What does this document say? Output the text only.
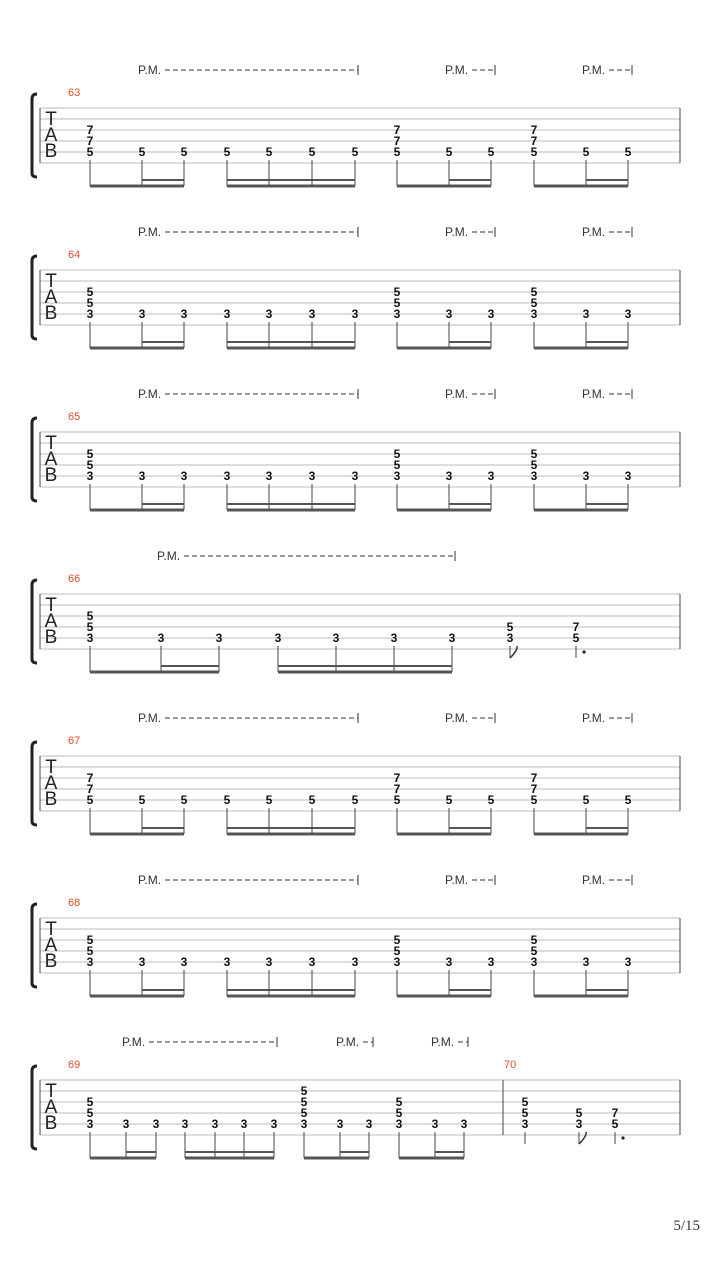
T
A
B
63
P.M.	P.M.	P.M.
7
7
5	5	5	5	5	5	5
7
7
5	5	5
7
7
5	5	5
T
A
B
64
P.M.	P.M.	P.M.
5
5
3	3	3	3	3	3	3
5
5
3	3	3
5
5
3	3	3
T
A
B
65
P.M.	P.M.	P.M.
5
5
3	3	3	3	3	3	3
5
5
3	3	3
5
5
3	3	3
T
A
B
66
P.M.
5
5
3	3	3	3	3	3	3
5
3
7
5
T
A
B
67
P.M.	P.M.	P.M.
7
7
5	5	5	5	5	5	5
7
7
5	5	5
7
7
5	5	5
T
A
B
68
P.M.	P.M.	P.M.
5
5
3	3	3	3	3	3	3
5
5
3	3	3
5
5
3	3	3
T
A
B
69	70
P.M.	P.M.	P.M.
5
5
3 3 3 3 3 3 3
5
5
5
3 3 3
5
5
3 3 3
5
5
3
5
3
7
5
5/15
